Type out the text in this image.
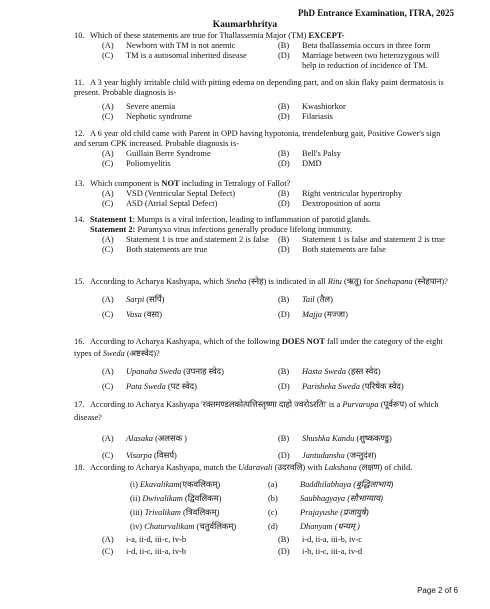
PhD Entrance Examination, ITRA, 2025
Kaumarbhritya
10. Which of these statements are true for Thallassemia Major (TM) EXCEPT-
(A)	Newborn with TM is not anemic	(B)	Beta thallassemia occurs in three form
(C)	TM is a autosomal inherited disease	(D)	Marriage between two heterozygous will help in reduction of incidence of TM.
11. A 3 year highly irritable child with pitting edema on depending part, and on skin flaky paint dermatosis is present. Probable diagnosis is-
(A)	Severe anemia	(B)	Kwashiorkor
(C)	Nephotic syndrome	(D)	Filariasis
12. A 6 year old child came with Parent in OPD having hypotonia, trendelenburg gait, Positive Gower's sign and serum CPK increased. Probable diagnosis is-
(A)	Guillain Berre Syndrome	(B)	Bell's Palsy
(C)	Poliomyelitis	(D)	DMD
13. Which component is NOT including in Tetralogy of Fallot?
(A)	VSD (Ventricular Septal Defect)	(B)	Right ventricular hypertrophy
(C)	ASD (Atrial Septal Defect)	(D)	Dextroposition of aorta
14. Statement 1: Mumps is a viral infection, leading to inflammation of parotid glands.
Statement 2: Paramyxo virus infections generally produce lifelong immunity.
(A)	Statement 1 is true and statement 2 is false	(B)	Statement 1 is false and statement 2 is true
(C)	Both statements are true	(D)	Both statements are false
15. According to Acharya Kashyapa, which Sneha (स्नेह) is indicated in all Ritu (ऋतु) for Snehapana (स्नेहपान)?
(A)	Sarpi (सर्पि)	(B)	Tail (तैल)
(C)	Vasa (वसा)	(D)	Majja (मज्जा)
16. According to Acharya Kashyapa, which of the following DOES NOT fall under the category of the eight types of Sweda (अष्टस्वेद)?
(A)	Upanaha Sweda (उपनाह स्वेद)	(B)	Hasta Sweda (हस्त स्वेद)
(C)	Pata Sweda (पट स्वेद)	(D)	Parisheka Sweda (परिषेक स्वेद)
17. According to Acharya Kashyapa 'रक्तमण्डलकोत्पत्तिस्तृष्णा दाहो ज्वरोऽरतिः' is a Purvarupa (पूर्वरूप) of which disease?
(A)	Alasaka (अलसक )	(B)	Shushka Kandu (शुष्ककण्डु)
(C)	Visarpa (विसर्प)	(D)	Jantudansha (जन्तुदंश)
18. According to Acharya Kashyapa, match the Udaravali (उदरवलि) with Lakshana (लक्षण) of child.
(i) Ekavalikam(एकवलिकम्)	(a)	Buddhilabhaya (बुद्धिलाभाय)
(ii) Dwivalikam (द्विवलिकम)	(b)	Saubhagyaya (सौभाग्याय)
(iii) Trivalikam (त्रिवलिकम्)	(c)	Prajayushe (प्रजायुषे)
(iv) Chaturvalikam (चतुर्वलिकम्)	(d)	Dhanyam (धन्यम् )
(A)	i-a, ii-d, iii-c, iv-b	(B)	i-d, ii-a, iii-b, iv-c
(C)	i-d, ii-c, iii-a, iv-b	(D)	i-b, ii-c, iii-a, iv-d
Page 2 of 6
